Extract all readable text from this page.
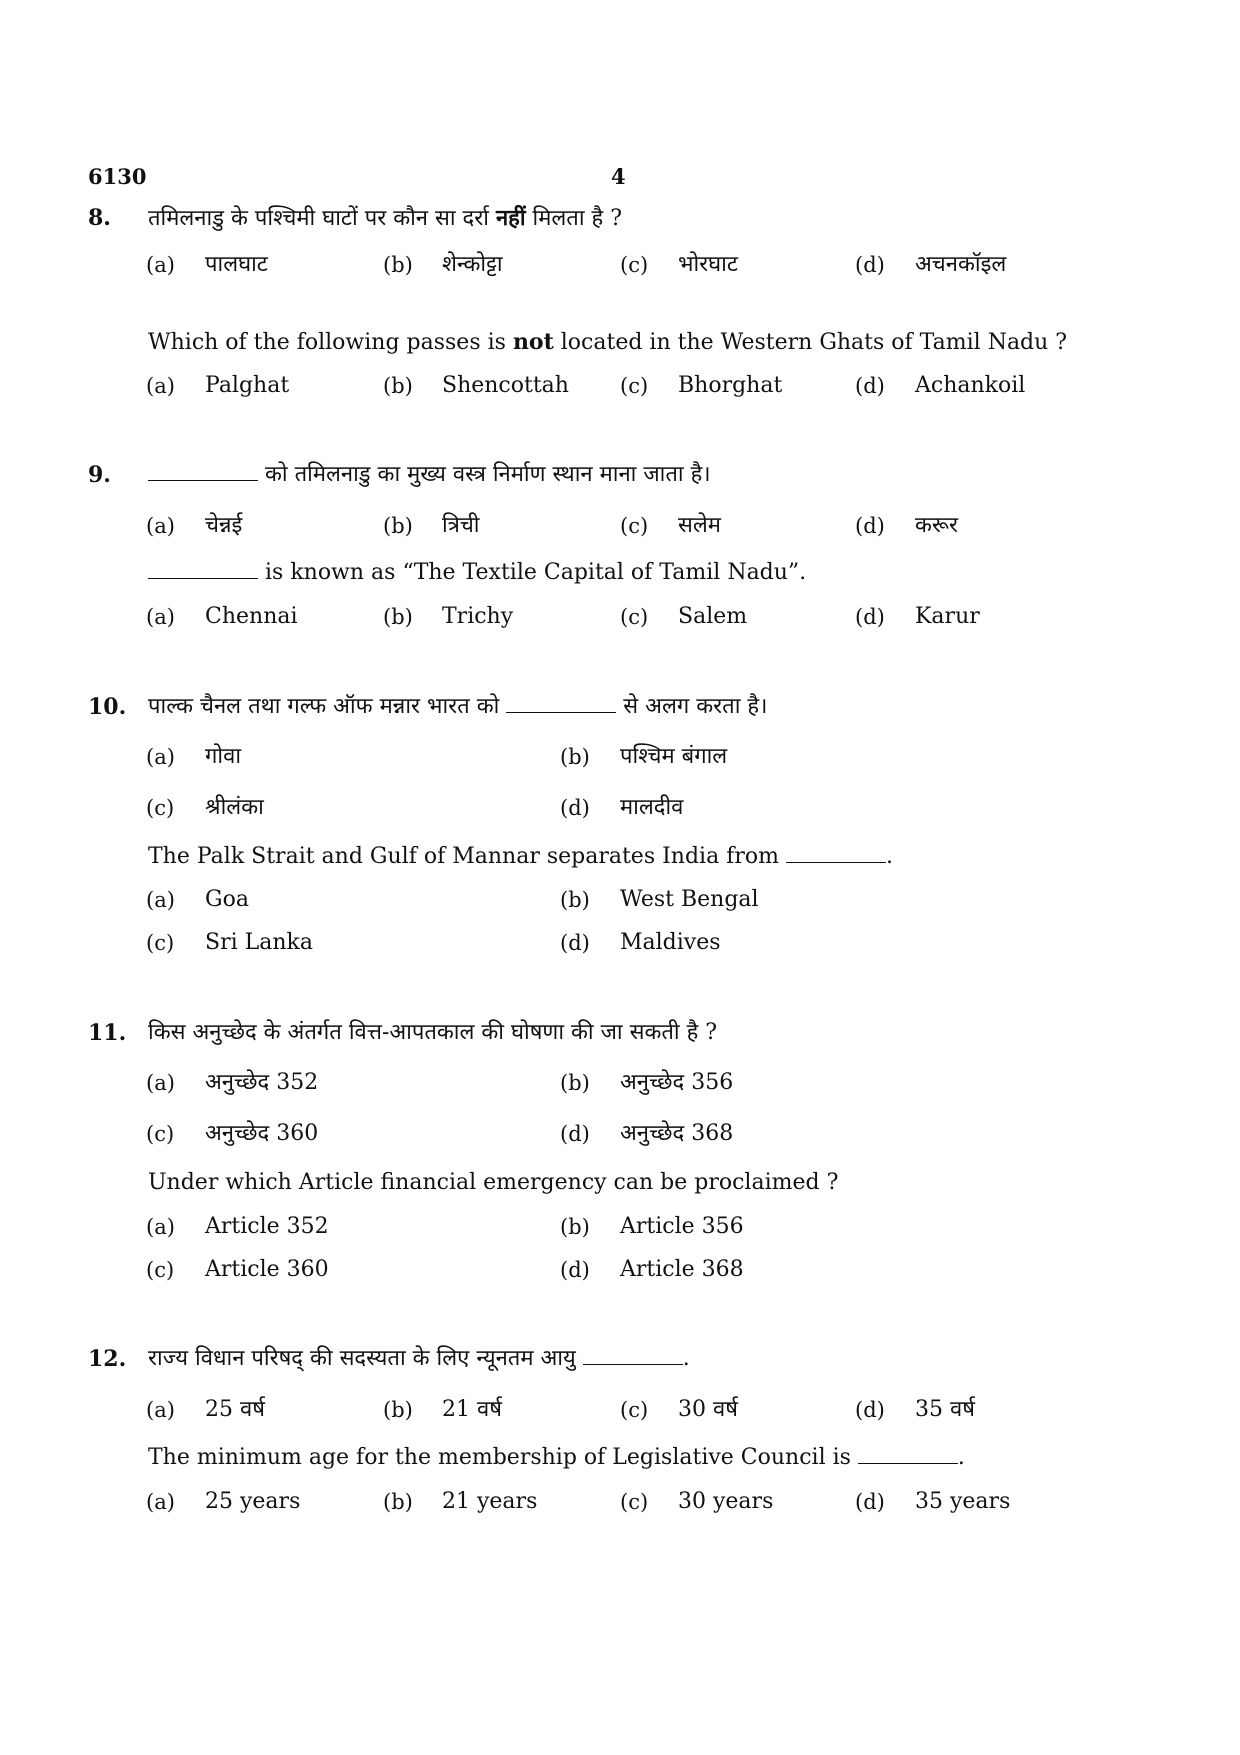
6130	4
8. तमिलनाडु के पश्चिमी घाटों पर कौन सा दर्रा नहीं मिलता है ?
(a) पालघाट	(b) शेन्कोट्टा	(c) भोरघाट	(d) अचनकॉइल
Which of the following passes is not located in the Western Ghats of Tamil Nadu ?
(a) Palghat	(b) Shencottah (c) Bhorghat	(d) Achankoil
9.	को तमिलनाडु का मुख्य वस्त्र निर्माण स्थान माना जाता है।
(a) चेन्नई	(b) त्रिची	(c) सलेम	(d) करूर
is known as “The Textile Capital of Tamil Nadu”.
(a) Chennai	(b) Trichy	(c) Salem	(d) Karur
10. पाल्क चैनल तथा गल्फ ऑफ मन्नार भारत को	से अलग करता है।
(a) गोवा	(b) पश्चिम बंगाल
(c) श्रीलंका	(d) मालदीव
The Palk Strait and Gulf of Mannar separates India from	.
(a) Goa	(b) West Bengal
(c) Sri Lanka	(d) Maldives
11. किस अनुच्छेद के अंतर्गत वित्त-आपतकाल की घोषणा की जा सकती है ?
(a) अनुच्छेद 352	(b) अनुच्छेद 356
(c) अनुच्छेद 360	(d) अनुच्छेद 368
Under which Article financial emergency can be proclaimed ?
(a) Article 352	(b) Article 356
(c) Article 360	(d) Article 368
12. राज्य विधान परिषद् की सदस्यता के लिए न्यूनतम आयु	.
(a) 25 वर्ष	(b) 21 वर्ष	(c) 30 वर्ष	(d) 35 वर्ष
The minimum age for the membership of Legislative Council is	.
(a) 25 years	(b) 21 years	(c) 30 years	(d) 35 years
